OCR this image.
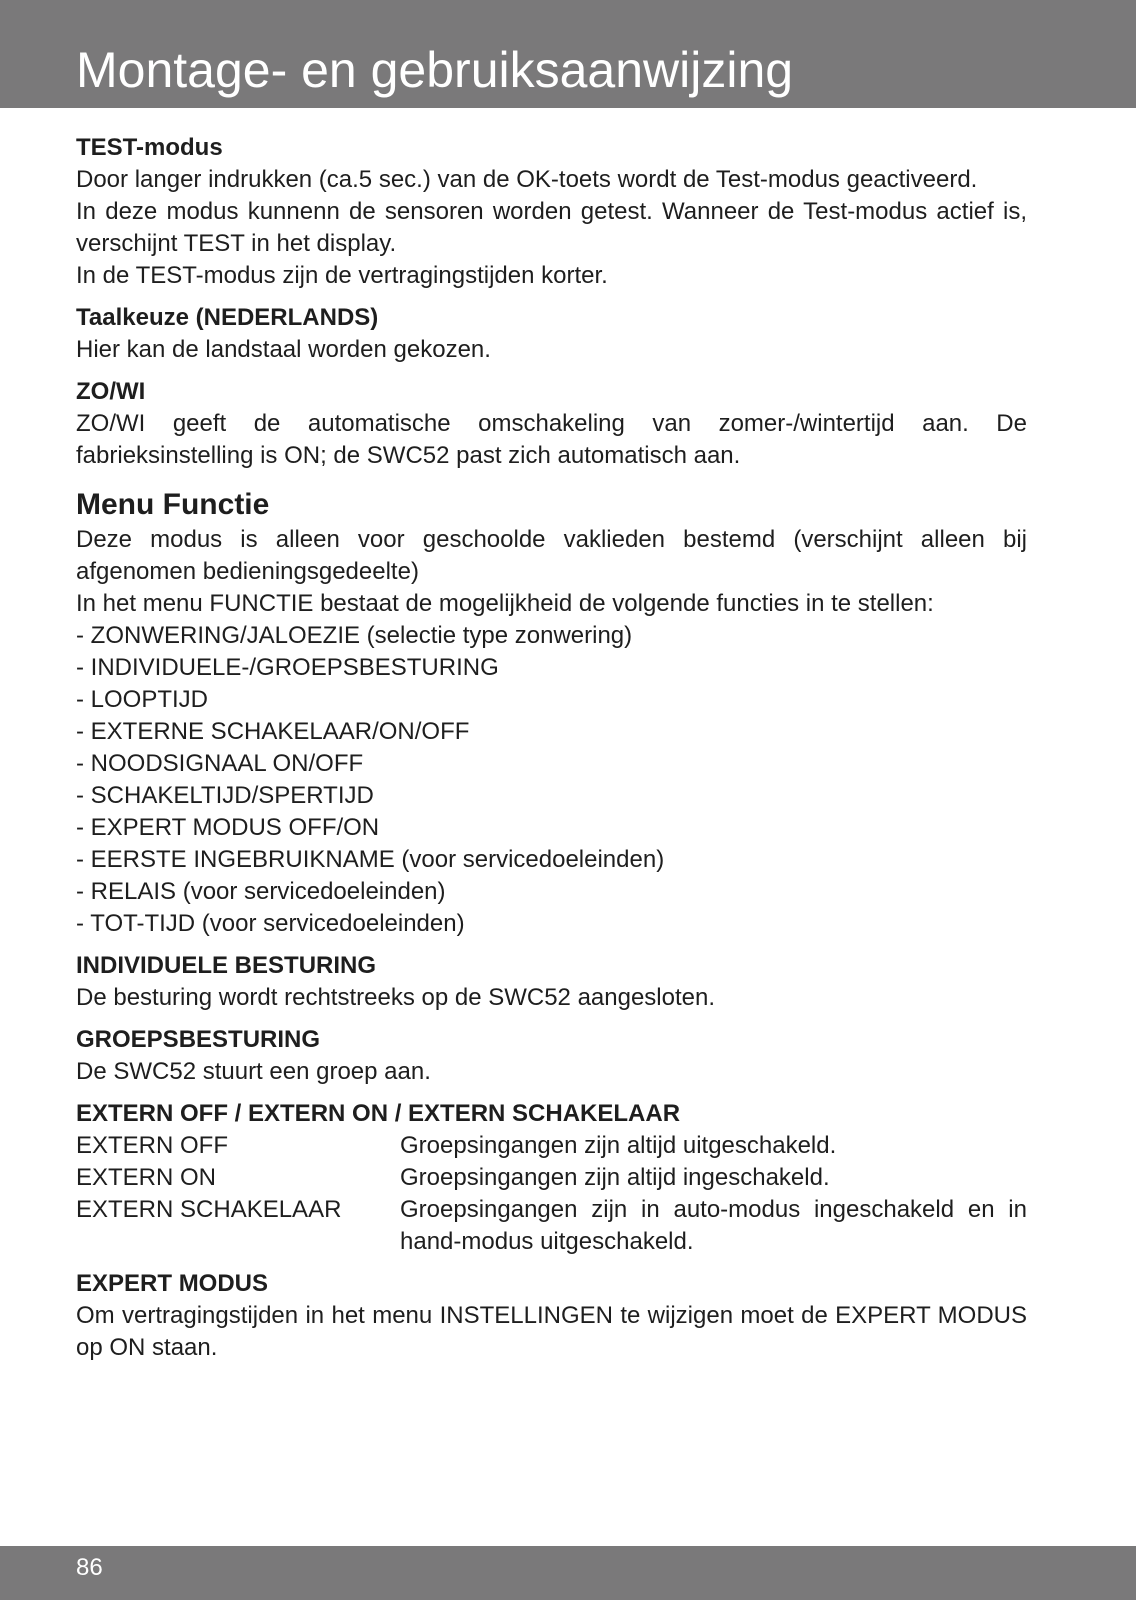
Montage- en gebruiksaanwijzing
TEST-modus
Door langer indrukken (ca.5 sec.) van de OK-toets wordt de Test-modus geactiveerd.
In deze modus kunnenn de sensoren worden getest. Wanneer de Test-modus actief is, verschijnt TEST in het display.
In de TEST-modus zijn de vertragingstijden korter.
Taalkeuze (NEDERLANDS)
Hier kan de landstaal worden gekozen.
ZO/WI
ZO/WI geeft de automatische omschakeling van zomer-/wintertijd aan. De fabrieksinstelling is ON; de SWC52 past zich automatisch aan.
Menu Functie
Deze modus is alleen voor geschoolde vaklieden bestemd (verschijnt alleen bij afgenomen bedieningsgedeelte)
In het menu FUNCTIE bestaat de mogelijkheid de volgende functies in te stellen:
- ZONWERING/JALOEZIE (selectie type zonwering)
- INDIVIDUELE-/GROEPSBESTURING
- LOOPTIJD
- EXTERNE SCHAKELAAR/ON/OFF
- NOODSIGNAAL ON/OFF
- SCHAKELTIJD/SPERTIJD
- EXPERT MODUS OFF/ON
- EERSTE INGEBRUIKNAME (voor servicedoeleinden)
- RELAIS (voor servicedoeleinden)
- TOT-TIJD (voor servicedoeleinden)
INDIVIDUELE BESTURING
De besturing wordt rechtstreeks op de SWC52 aangesloten.
GROEPSBESTURING
De SWC52 stuurt een groep aan.
EXTERN OFF / EXTERN ON / EXTERN SCHAKELAAR
EXTERN OFF	Groepsingangen zijn altijd uitgeschakeld.
EXTERN ON	Groepsingangen zijn altijd ingeschakeld.
EXTERN SCHAKELAAR	Groepsingangen zijn in auto-modus ingeschakeld en in hand-modus uitgeschakeld.
EXPERT MODUS
Om vertragingstijden in het menu INSTELLINGEN te wijzigen moet de EXPERT MODUS op ON staan.
86
